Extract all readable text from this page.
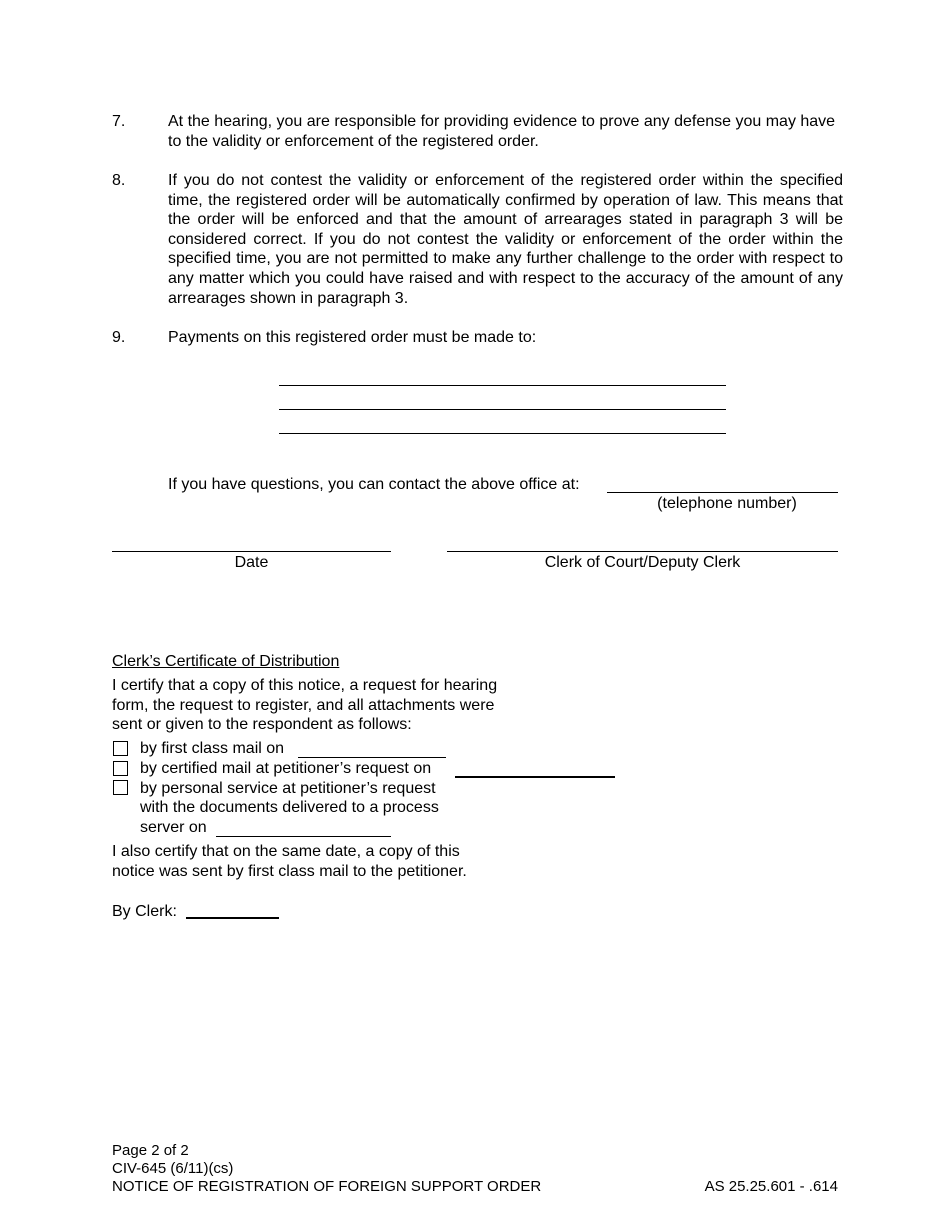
7.	At the hearing, you are responsible for providing evidence to prove any defense you may have to the validity or enforcement of the registered order.
8.	If you do not contest the validity or enforcement of the registered order within the specified time, the registered order will be automatically confirmed by operation of law. This means that the order will be enforced and that the amount of arrearages stated in paragraph 3 will be considered correct. If you do not contest the validity or enforcement of the order within the specified time, you are not permitted to make any further challenge to the order with respect to any matter which you could have raised and with respect to the accuracy of the amount of any arrearages shown in paragraph 3.
9.	Payments on this registered order must be made to:
If you have questions, you can contact the above office at:
(telephone number)
Date	Clerk of Court/Deputy Clerk
Clerk’s Certificate of Distribution
I certify that a copy of this notice, a request for hearing
form, the request to register, and all attachments were
sent or given to the respondent as follows:
by first class mail on
by certified mail at petitioner’s request on
by personal service at petitioner’s request
with the documents delivered to a process
server on
I also certify that on the same date, a copy of this
notice was sent by first class mail to the petitioner.
By Clerk:
Page 2 of 2
CIV-645 (6/11)(cs)
NOTICE OF REGISTRATION OF FOREIGN SUPPORT ORDER	AS 25.25.601 - .614
